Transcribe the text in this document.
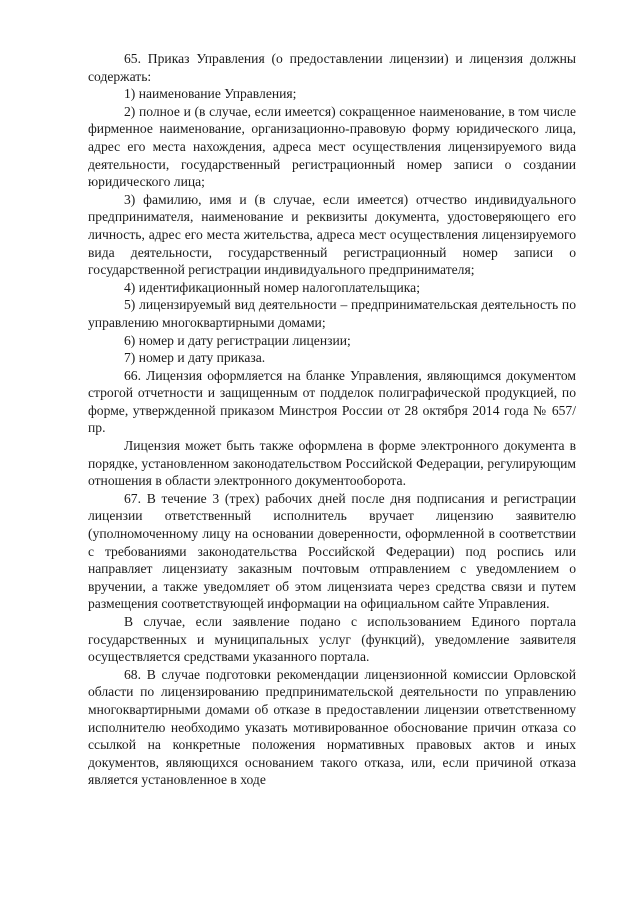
65. Приказ Управления (о предоставлении лицензии) и лицензия должны содержать:

1) наименование Управления;

2) полное и (в случае, если имеется) сокращенное наименование, в том числе фирменное наименование, организационно-правовую форму юридического лица, адрес его места нахождения, адреса мест осуществления лицензируемого вида деятельности, государственный регистрационный номер записи о создании юридического лица;

3) фамилию, имя и (в случае, если имеется) отчество индивидуального предпринимателя, наименование и реквизиты документа, удостоверяющего его личность, адрес его места жительства, адреса мест осуществления лицензируемого вида деятельности, государственный регистрационный номер записи о государственной регистрации индивидуального предпринимателя;

4) идентификационный номер налогоплательщика;

5) лицензируемый вид деятельности – предпринимательская деятельность по управлению многоквартирными домами;

6) номер и дату регистрации лицензии;

7) номер и дату приказа.

66. Лицензия оформляется на бланке Управления, являющимся документом строгой отчетности и защищенным от подделок полиграфической продукцией, по форме, утвержденной приказом Минстроя России от 28 октября 2014 года № 657/пр.

Лицензия может быть также оформлена в форме электронного документа в порядке, установленном законодательством Российской Федерации, регулирующим отношения в области электронного документооборота.

67. В течение 3 (трех) рабочих дней после дня подписания и регистрации лицензии ответственный исполнитель вручает лицензию заявителю (уполномоченному лицу на основании доверенности, оформленной в соответствии с требованиями законодательства Российской Федерации) под роспись или направляет лицензиату заказным почтовым отправлением с уведомлением о вручении, а также уведомляет об этом лицензиата через средства связи и путем размещения соответствующей информации на официальном сайте Управления.

В случае, если заявление подано с использованием Единого портала государственных и муниципальных услуг (функций), уведомление заявителя осуществляется средствами указанного портала.

68. В случае подготовки рекомендации лицензионной комиссии Орловской области по лицензированию предпринимательской деятельности по управлению многоквартирными домами об отказе в предоставлении лицензии ответственному исполнителю необходимо указать мотивированное обоснование причин отказа со ссылкой на конкретные положения нормативных правовых актов и иных документов, являющихся основанием такого отказа, или, если причиной отказа является установленное в ходе
